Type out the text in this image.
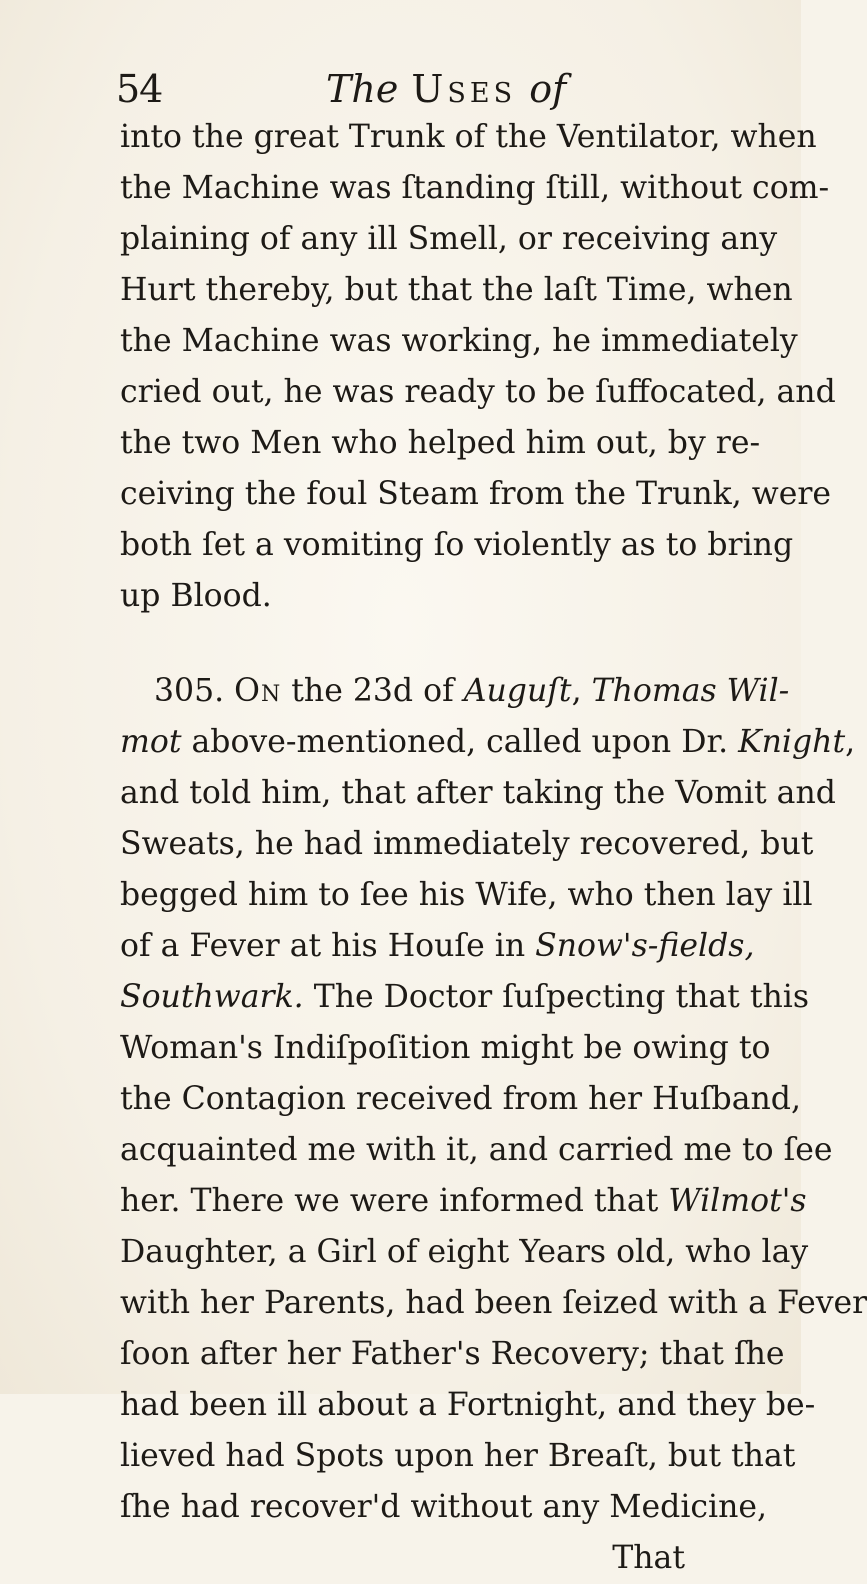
54	The Uses of
into the great Trunk of the Ventilator, when
the Machine was ſtanding ſtill, without com-
plaining of any ill Smell, or receiving any
Hurt thereby, but that the laſt Time, when
the Machine was working, he immediately
cried out, he was ready to be ſuffocated, and
the two Men who helped him out, by re-
ceiving the foul Steam from the Trunk, were
both ſet a vomiting ſo violently as to bring
up Blood.
305. On the 23d of Auguſt, Thomas Wil-
mot above-mentioned, called upon Dr. Knight,
and told him, that after taking the Vomit and
Sweats, he had immediately recovered, but
begged him to ſee his Wife, who then lay ill
of a Fever at his Houſe in Snow's-fields,
Southwark. The Doctor ſuſpecting that this
Woman's Indiſpoſition might be owing to
the Contagion received from her Huſband,
acquainted me with it, and carried me to ſee
her. There we were informed that Wilmot's
Daughter, a Girl of eight Years old, who lay
with her Parents, had been ſeized with a Fever
ſoon after her Father's Recovery; that ſhe
had been ill about a Fortnight, and they be-
lieved had Spots upon her Breaſt, but that
ſhe had recover'd without any Medicine,
That
